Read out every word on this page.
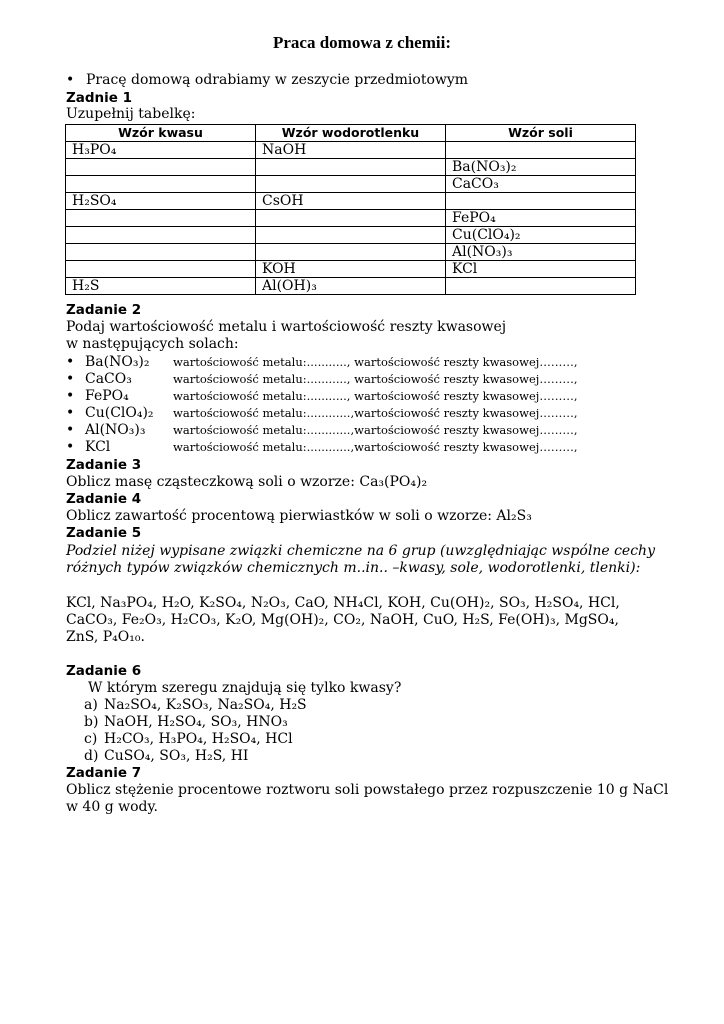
Praca domowa z chemii:
• Pracę domową odrabiamy w zeszycie przedmiotowym
Zadnie 1
Uzupełnij tabelkę:
Wzór kwasu	Wzór wodorotlenku	Wzór soli
H₃PO₄	NaOH	
		Ba(NO₃)₂
		CaCO₃
H₂SO₄	CsOH	
		FePO₄
		Cu(ClO₄)₂
		Al(NO₃)₃
	KOH	KCl
H₂S	Al(OH)₃	
Zadanie 2
Podaj wartościowość metalu i wartościowość reszty kwasowej
w następujących solach:
• Ba(NO₃)₂ wartościowość metalu:..........., wartościowość reszty kwasowej………,
• CaCO₃	wartościowość metalu:..........., wartościowość reszty kwasowej………,
• FePO₄	wartościowość metalu:..........., wartościowość reszty kwasowej………,
• Cu(ClO₄)₂ wartościowość metalu:............,wartościowość reszty kwasowej………,
• Al(NO₃)₃ wartościowość metalu:............,wartościowość reszty kwasowej………,
• KCl	wartościowość metalu:............,wartościowość reszty kwasowej………,
Zadanie 3
Oblicz masę cząsteczkową soli o wzorze: Ca₃(PO₄)₂
Zadanie 4
Oblicz zawartość procentową pierwiastków w soli o wzorze: Al₂S₃
Zadanie 5
Podziel niżej wypisane związki chemiczne na 6 grup (uwzględniając wspólne cechy
różnych typów związków chemicznych m..in.. –kwasy, sole, wodorotlenki, tlenki):
KCl, Na₃PO₄, H₂O, K₂SO₄, N₂O₃, CaO, NH₄Cl, KOH, Cu(OH)₂, SO₃, H₂SO₄, HCl,
CaCO₃, Fe₂O₃, H₂CO₃, K₂O, Mg(OH)₂, CO₂, NaOH, CuO, H₂S, Fe(OH)₃, MgSO₄,
ZnS, P₄O₁₀.
Zadanie 6
W którym szeregu znajdują się tylko kwasy?
a) Na₂SO₄, K₂SO₃, Na₂SO₄, H₂S
b) NaOH, H₂SO₄, SO₃, HNO₃
c) H₂CO₃, H₃PO₄, H₂SO₄, HCl
d) CuSO₄, SO₃, H₂S, HI
Zadanie 7
Oblicz stężenie procentowe roztworu soli powstałego przez rozpuszczenie 10 g NaCl
w 40 g wody.
